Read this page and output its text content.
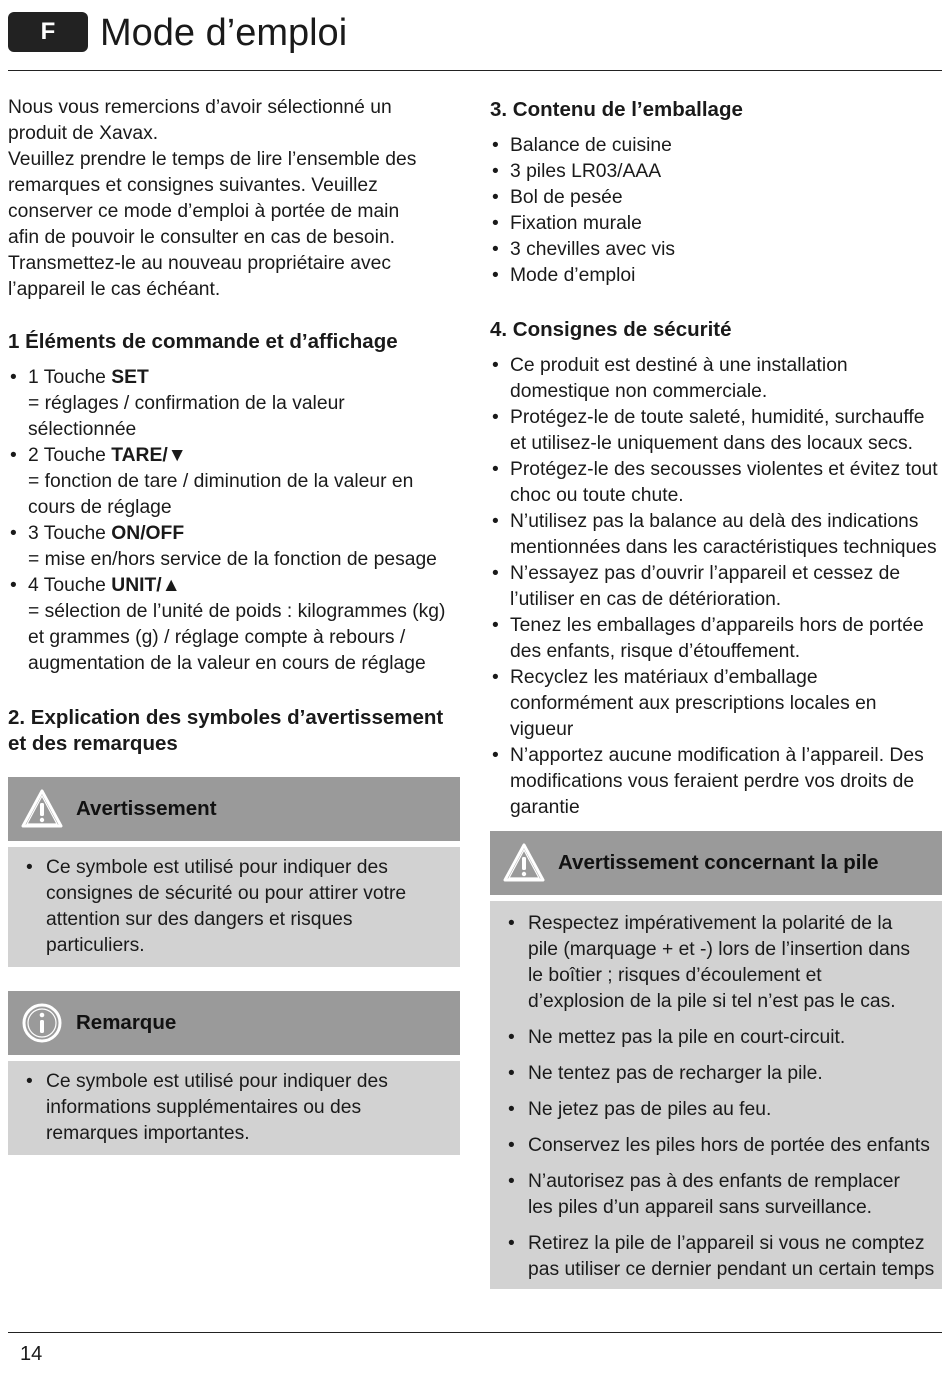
F	Mode d’emploi

Nous vous remercions d’avoir sélectionné un produit de Xavax.

Veuillez prendre le temps de lire l’ensemble des remarques et consignes suivantes. Veuillez conserver ce mode d’emploi à portée de main afin de pouvoir le consulter en cas de besoin. Transmettez-le au nouveau propriétaire avec l’appareil le cas échéant.

1 Éléments de commande et d’affichage
• 1 Touche SET
= réglages / confirmation de la valeur sélectionnée
• 2 Touche TARE/▼
= fonction de tare / diminution de la valeur en cours de réglage
• 3 Touche ON/OFF
= mise en/hors service de la fonction de pesage
• 4 Touche UNIT/▲
= sélection de l’unité de poids : kilogrammes (kg) et grammes (g) / réglage compte à rebours / augmentation de la valeur en cours de réglage
2. Explication des symboles d’avertissement et des remarques
Avertissement
• Ce symbole est utilisé pour indiquer des consignes de sécurité ou pour attirer votre attention sur des dangers et risques particuliers.
Remarque
• Ce symbole est utilisé pour indiquer des informations supplémentaires ou des remarques importantes.
3. Contenu de l’emballage
• Balance de cuisine
• 3 piles LR03/AAA
• Bol de pesée
• Fixation murale
• 3 chevilles avec vis
• Mode d’emploi
4. Consignes de sécurité
• Ce produit est destiné à une installation domestique non commerciale.
• Protégez-le de toute saleté, humidité, surchauffe et utilisez-le uniquement dans des locaux secs.
• Protégez-le des secousses violentes et évitez tout choc ou toute chute.
• N’utilisez pas la balance au delà des indications mentionnées dans les caractéristiques techniques
• N’essayez pas d’ouvrir l’appareil et cessez de l’utiliser en cas de détérioration.
• Tenez les emballages d’appareils hors de portée des enfants, risque d’étouffement.
• Recyclez les matériaux d’emballage conformément aux prescriptions locales en vigueur
• N’apportez aucune modification à l’appareil. Des modifications vous feraient perdre vos droits de garantie
Avertissement concernant la pile
• Respectez impérativement la polarité de la pile (marquage + et -) lors de l’insertion dans le boîtier ; risques d’écoulement et d’explosion de la pile si tel n’est pas le cas.
• Ne mettez pas la pile en court-circuit.
• Ne tentez pas de recharger la pile.
• Ne jetez pas de piles au feu.
• Conservez les piles hors de portée des enfants
• N’autorisez pas à des enfants de remplacer les piles d’un appareil sans surveillance.
• Retirez la pile de l’appareil si vous ne comptez pas utiliser ce dernier pendant un certain temps
14
